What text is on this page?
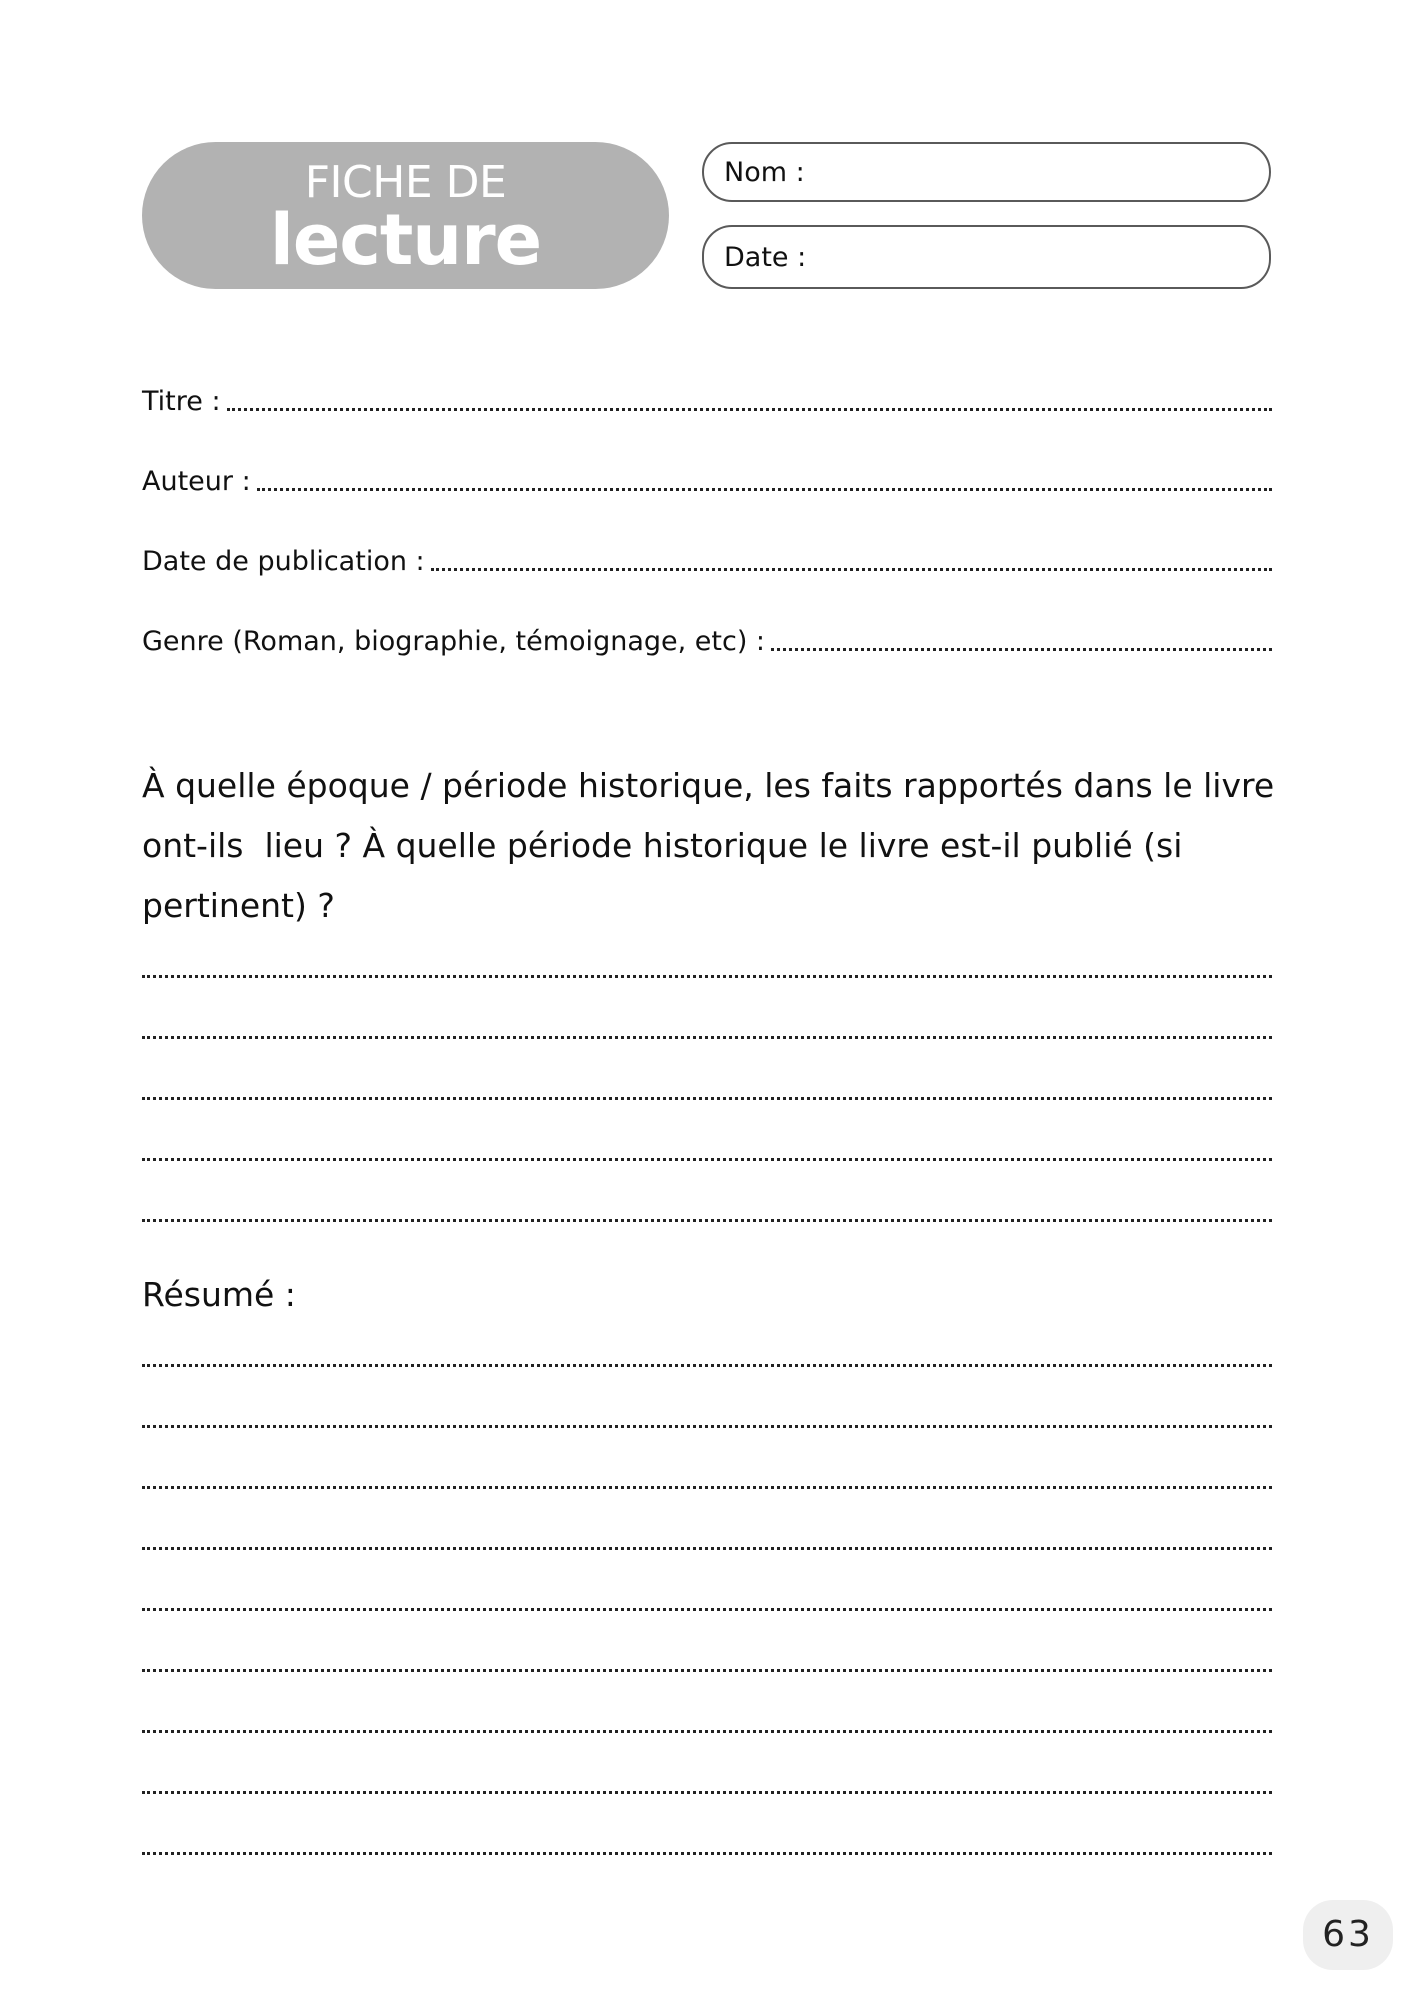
FICHE DE
lecture
Nom :
Date :
Titre :
Auteur :
Date de publication :
Genre (Roman, biographie, témoignage, etc) :
À quelle époque / période historique, les faits rapportés dans le livre
ont-ils  lieu ? À quelle période historique le livre est-il publié (si
pertinent) ?
Résumé :
63
